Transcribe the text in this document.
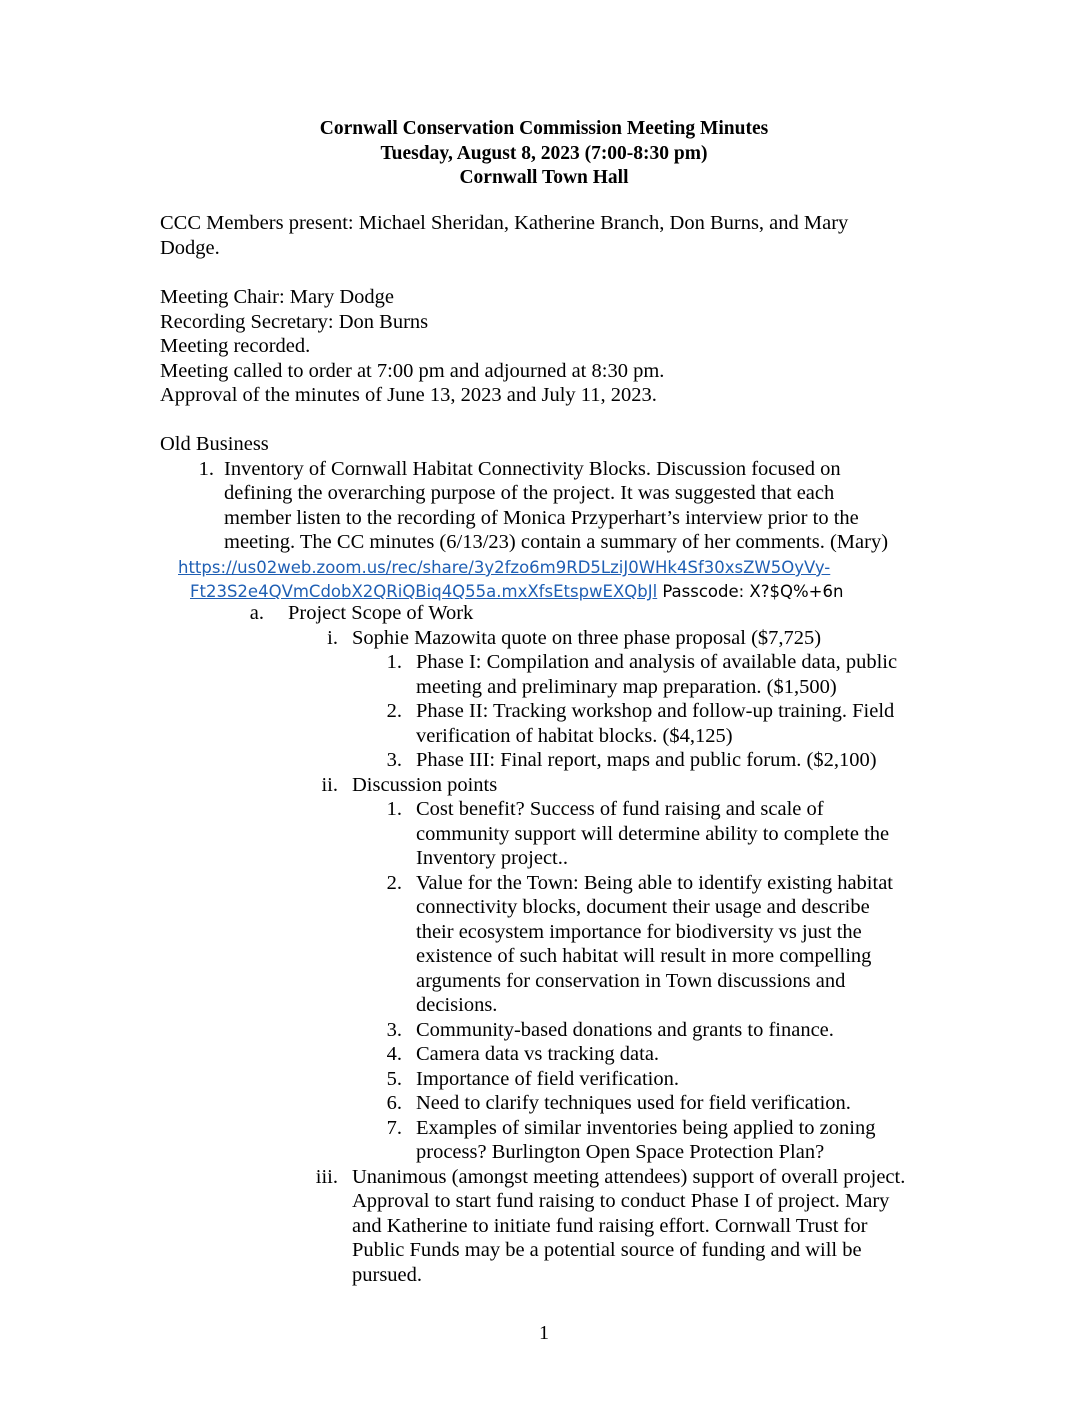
Cornwall Conservation Commission Meeting Minutes
Tuesday, August 8, 2023 (7:00-8:30 pm)
Cornwall Town Hall
CCC Members present: Michael Sheridan, Katherine Branch, Don Burns, and Mary
Dodge.
Meeting Chair: Mary Dodge
Recording Secretary: Don Burns
Meeting recorded.
Meeting called to order at 7:00 pm and adjourned at 8:30 pm.
Approval of the minutes of June 13, 2023 and July 11, 2023.
Old Business
1. Inventory of Cornwall Habitat Connectivity Blocks. Discussion focused on
defining the overarching purpose of the project. It was suggested that each
member listen to the recording of Monica Przyperhart’s interview prior to the
meeting. The CC minutes (6/13/23) contain a summary of her comments. (Mary)
https://us02web.zoom.us/rec/share/3y2fzo6m9RD5LziJ0WHk4Sf30xsZW5OyVy-
Ft23S2e4QVmCdobX2QRiQBiq4Q55a.mxXfsEtspwEXQbJl Passcode: X?$Q%+6n
a. Project Scope of Work
i. Sophie Mazowita quote on three phase proposal ($7,725)
1. Phase I: Compilation and analysis of available data, public
meeting and preliminary map preparation. ($1,500)
2. Phase II: Tracking workshop and follow-up training. Field
verification of habitat blocks. ($4,125)
3. Phase III: Final report, maps and public forum. ($2,100)
ii. Discussion points
1. Cost benefit? Success of fund raising and scale of
community support will determine ability to complete the
Inventory project..
2. Value for the Town: Being able to identify existing habitat
connectivity blocks, document their usage and describe
their ecosystem importance for biodiversity vs just the
existence of such habitat will result in more compelling
arguments for conservation in Town discussions and
decisions.
3. Community-based donations and grants to finance.
4. Camera data vs tracking data.
5. Importance of field verification.
6. Need to clarify techniques used for field verification.
7. Examples of similar inventories being applied to zoning
process? Burlington Open Space Protection Plan?
iii. Unanimous (amongst meeting attendees) support of overall project.
Approval to start fund raising to conduct Phase I of project. Mary
and Katherine to initiate fund raising effort. Cornwall Trust for
Public Funds may be a potential source of funding and will be
pursued.
1
